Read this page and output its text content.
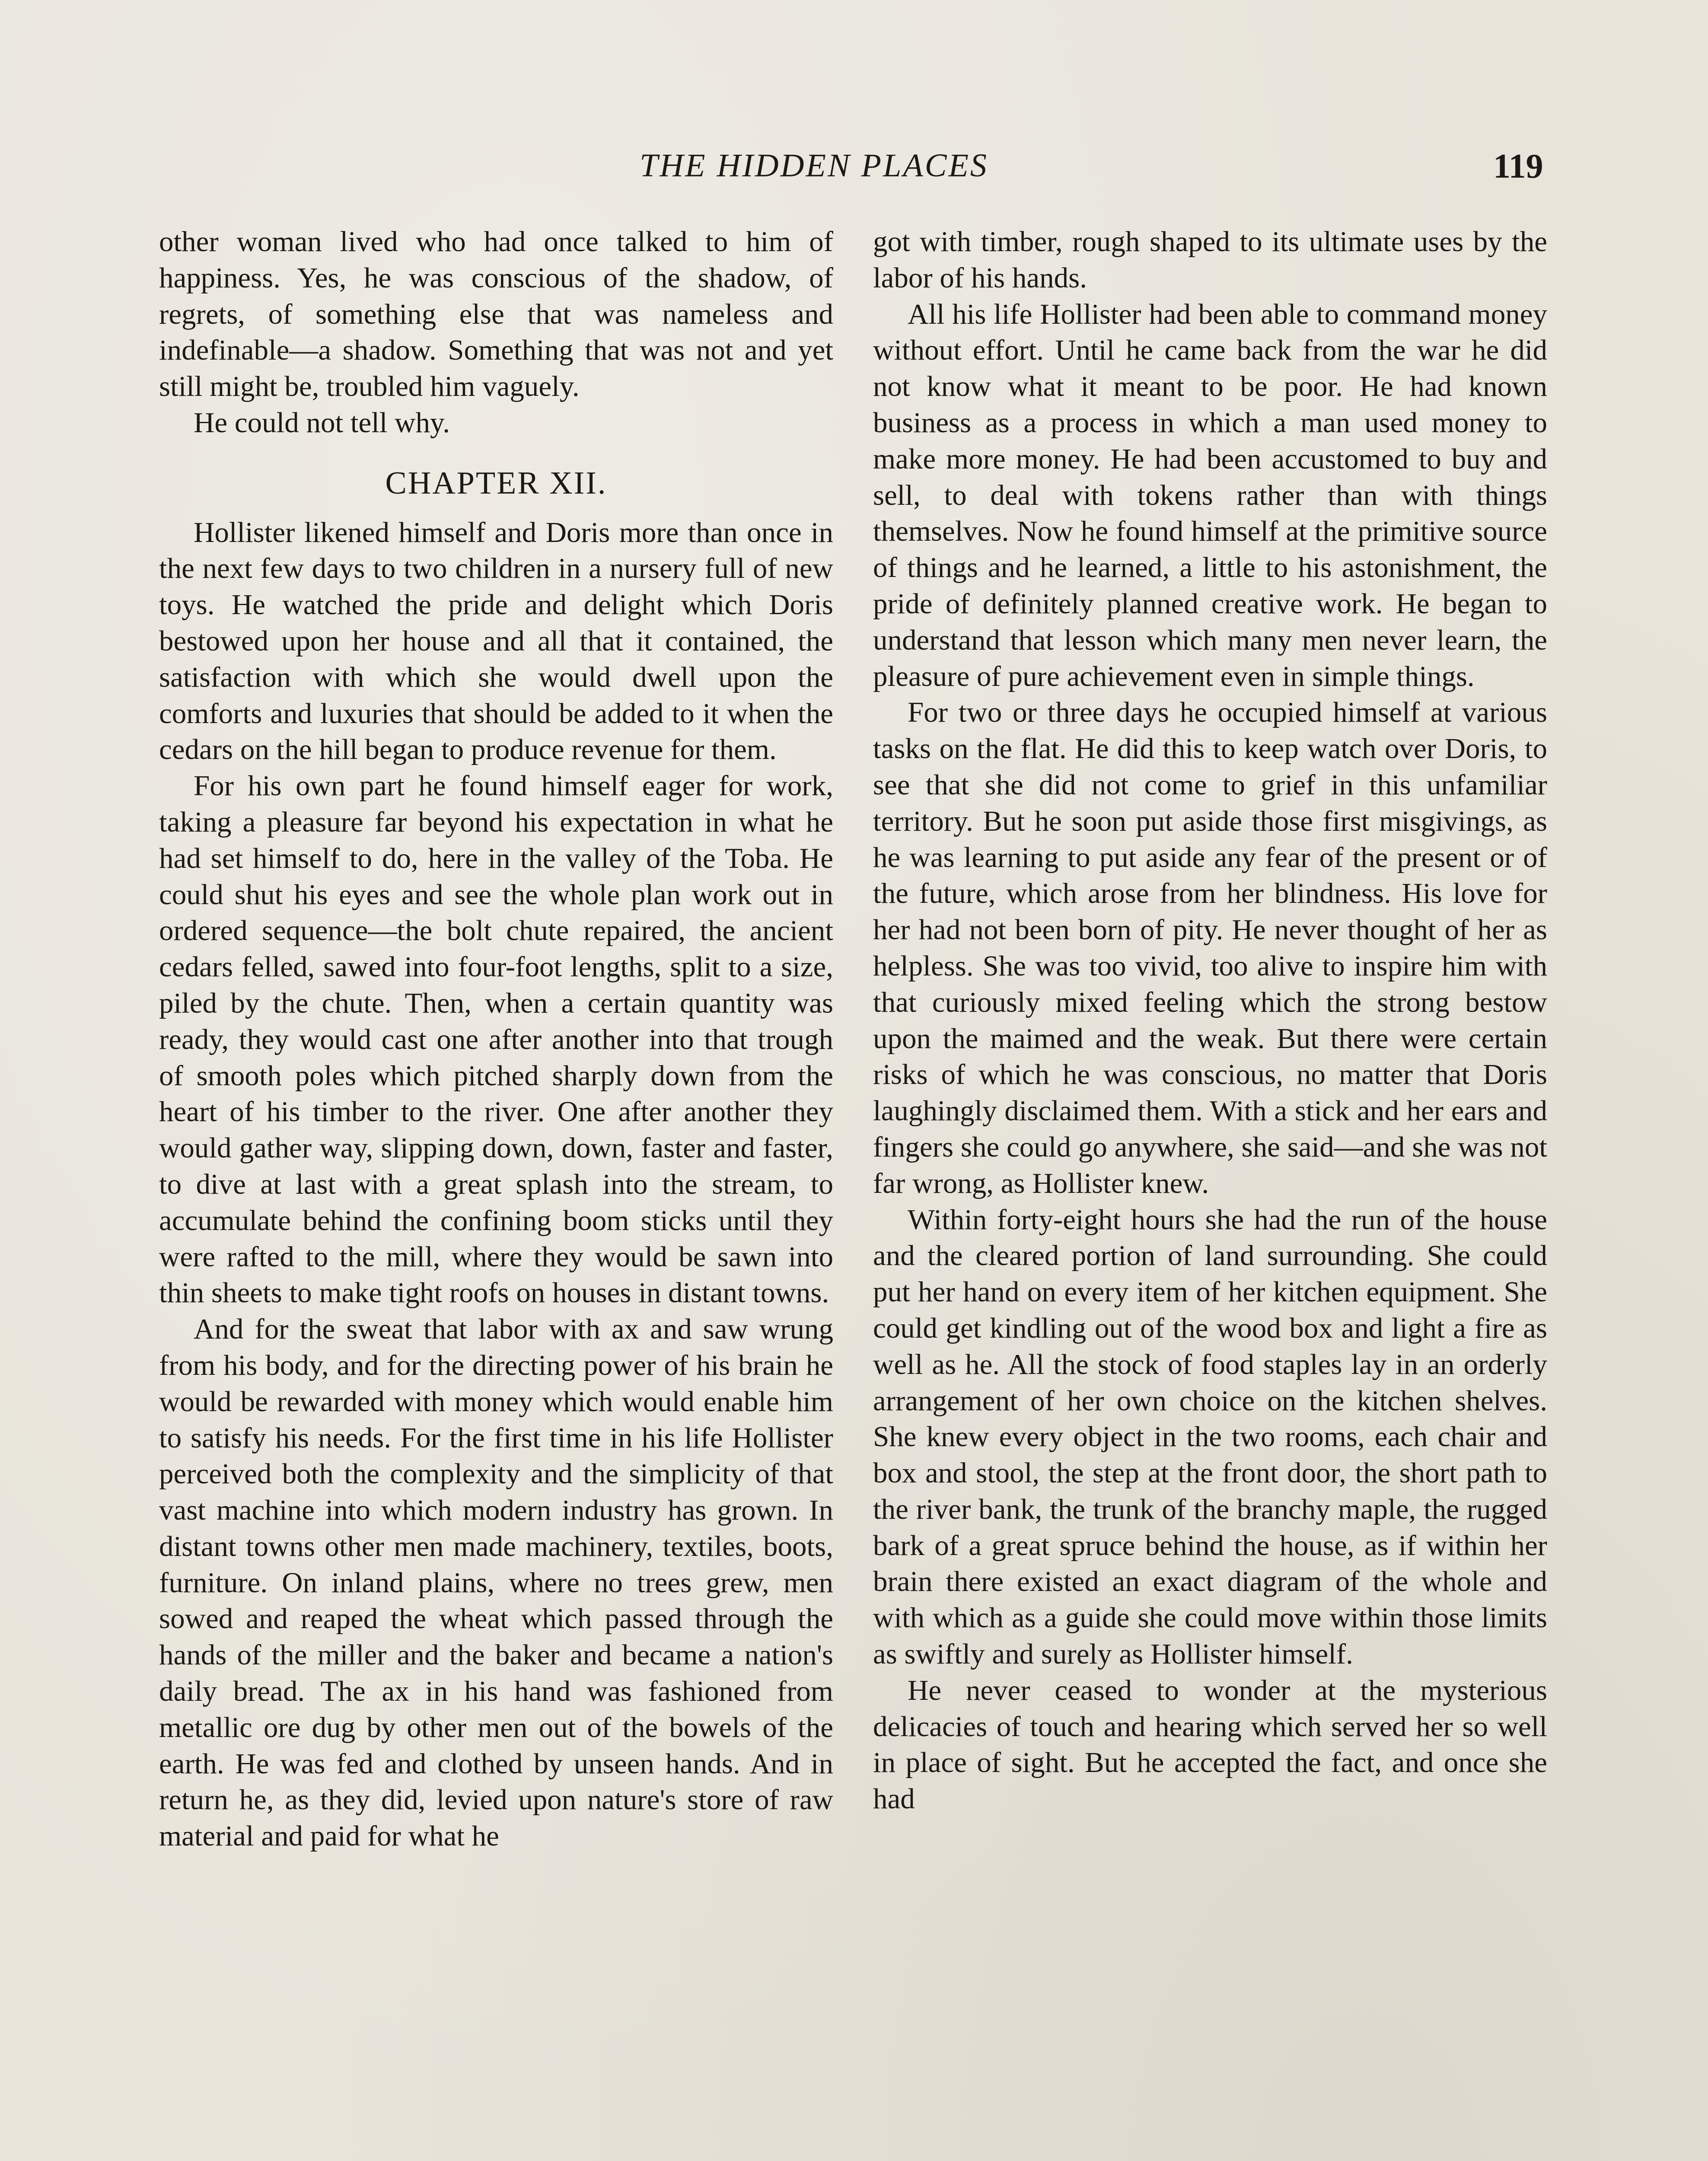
THE HIDDEN PLACES	119

other woman lived who had once talked to him of happiness. Yes, he was conscious of the shadow, of regrets, of something else that was nameless and indefinable—a shadow. Something that was not and yet still might be, troubled him vaguely.

He could not tell why.

CHAPTER XII.

Hollister likened himself and Doris more than once in the next few days to two children in a nursery full of new toys. He watched the pride and delight which Doris bestowed upon her house and all that it contained, the satisfaction with which she would dwell upon the comforts and luxuries that should be added to it when the cedars on the hill began to produce revenue for them.

For his own part he found himself eager for work, taking a pleasure far beyond his expectation in what he had set himself to do, here in the valley of the Toba. He could shut his eyes and see the whole plan work out in ordered sequence—the bolt chute repaired, the ancient cedars felled, sawed into four-foot lengths, split to a size, piled by the chute. Then, when a certain quantity was ready, they would cast one after another into that trough of smooth poles which pitched sharply down from the heart of his timber to the river. One after another they would gather way, slipping down, down, faster and faster, to dive at last with a great splash into the stream, to accumulate behind the confining boom sticks until they were rafted to the mill, where they would be sawn into thin sheets to make tight roofs on houses in distant towns.

And for the sweat that labor with ax and saw wrung from his body, and for the directing power of his brain he would be rewarded with money which would enable him to satisfy his needs. For the first time in his life Hollister perceived both the complexity and the simplicity of that vast machine into which modern industry has grown. In distant towns other men made machinery, textiles, boots, furniture. On inland plains, where no trees grew, men sowed and reaped the wheat which passed through the hands of the miller and the baker and became a nation's daily bread. The ax in his hand was fashioned from metallic ore dug by other men out of the bowels of the earth. He was fed and clothed by unseen hands. And in return he, as they did, levied upon nature's store of raw material and paid for what he

got with timber, rough shaped to its ultimate uses by the labor of his hands.

All his life Hollister had been able to command money without effort. Until he came back from the war he did not know what it meant to be poor. He had known business as a process in which a man used money to make more money. He had been accustomed to buy and sell, to deal with tokens rather than with things themselves. Now he found himself at the primitive source of things and he learned, a little to his astonishment, the pride of definitely planned creative work. He began to understand that lesson which many men never learn, the pleasure of pure achievement even in simple things.

For two or three days he occupied himself at various tasks on the flat. He did this to keep watch over Doris, to see that she did not come to grief in this unfamiliar territory. But he soon put aside those first misgivings, as he was learning to put aside any fear of the present or of the future, which arose from her blindness. His love for her had not been born of pity. He never thought of her as helpless. She was too vivid, too alive to inspire him with that curiously mixed feeling which the strong bestow upon the maimed and the weak. But there were certain risks of which he was conscious, no matter that Doris laughingly disclaimed them. With a stick and her ears and fingers she could go anywhere, she said—and she was not far wrong, as Hollister knew.

Within forty-eight hours she had the run of the house and the cleared portion of land surrounding. She could put her hand on every item of her kitchen equipment. She could get kindling out of the wood box and light a fire as well as he. All the stock of food staples lay in an orderly arrangement of her own choice on the kitchen shelves. She knew every object in the two rooms, each chair and box and stool, the step at the front door, the short path to the river bank, the trunk of the branchy maple, the rugged bark of a great spruce behind the house, as if within her brain there existed an exact diagram of the whole and with which as a guide she could move within those limits as swiftly and surely as Hollister himself.

He never ceased to wonder at the mysterious delicacies of touch and hearing which served her so well in place of sight. But he accepted the fact, and once she had
